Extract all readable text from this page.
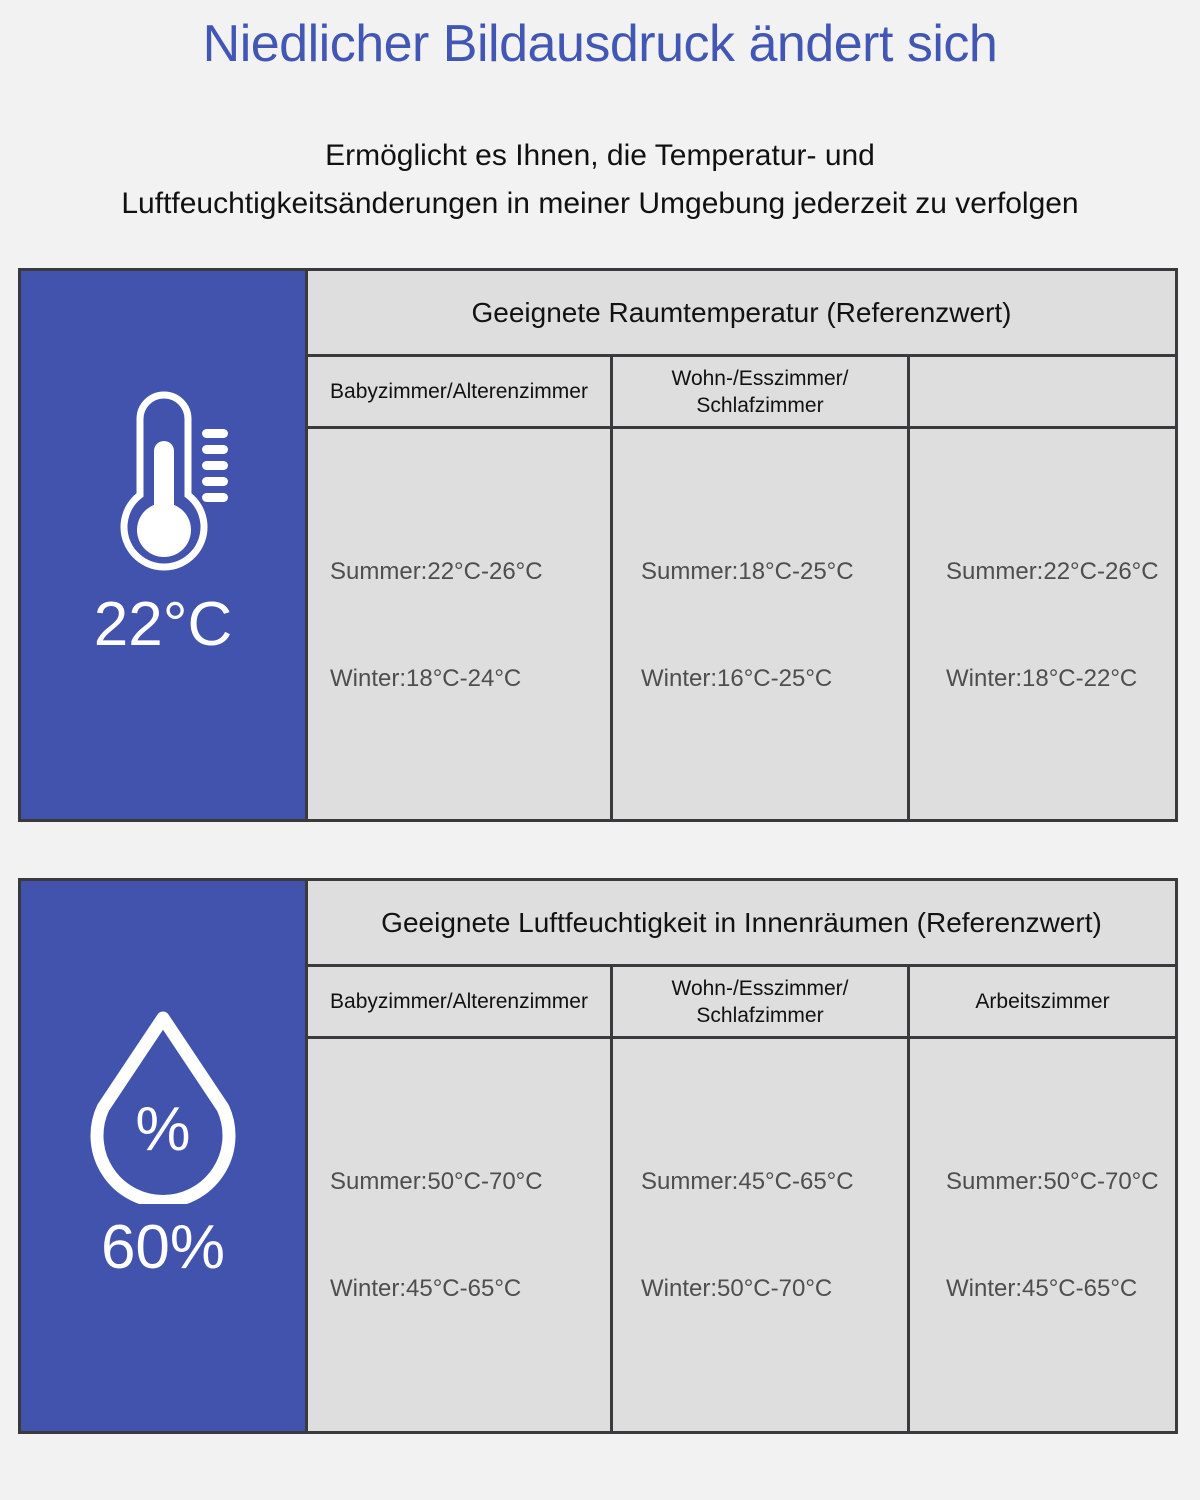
Niedlicher Bildausdruck ändert sich
Ermöglicht es Ihnen, die Temperatur- und
Luftfeuchtigkeitsänderungen in meiner Umgebung jederzeit zu verfolgen
22°C
Geeignete Raumtemperatur (Referenzwert)
Babyzimmer/Alterenzimmer
Wohn-/Esszimmer/
Schlafzimmer
Summer:22°C-26°C
Winter:18°C-24°C
Summer:18°C-25°C
Winter:16°C-25°C
Summer:22°C-26°C
Winter:18°C-22°C
%
60%
Geeignete Luftfeuchtigkeit in Innenräumen (Referenzwert)
Babyzimmer/Alterenzimmer
Wohn-/Esszimmer/
Schlafzimmer
Arbeitszimmer
Summer:50°C-70°C
Winter:45°C-65°C
Summer:45°C-65°C
Winter:50°C-70°C
Summer:50°C-70°C
Winter:45°C-65°C
